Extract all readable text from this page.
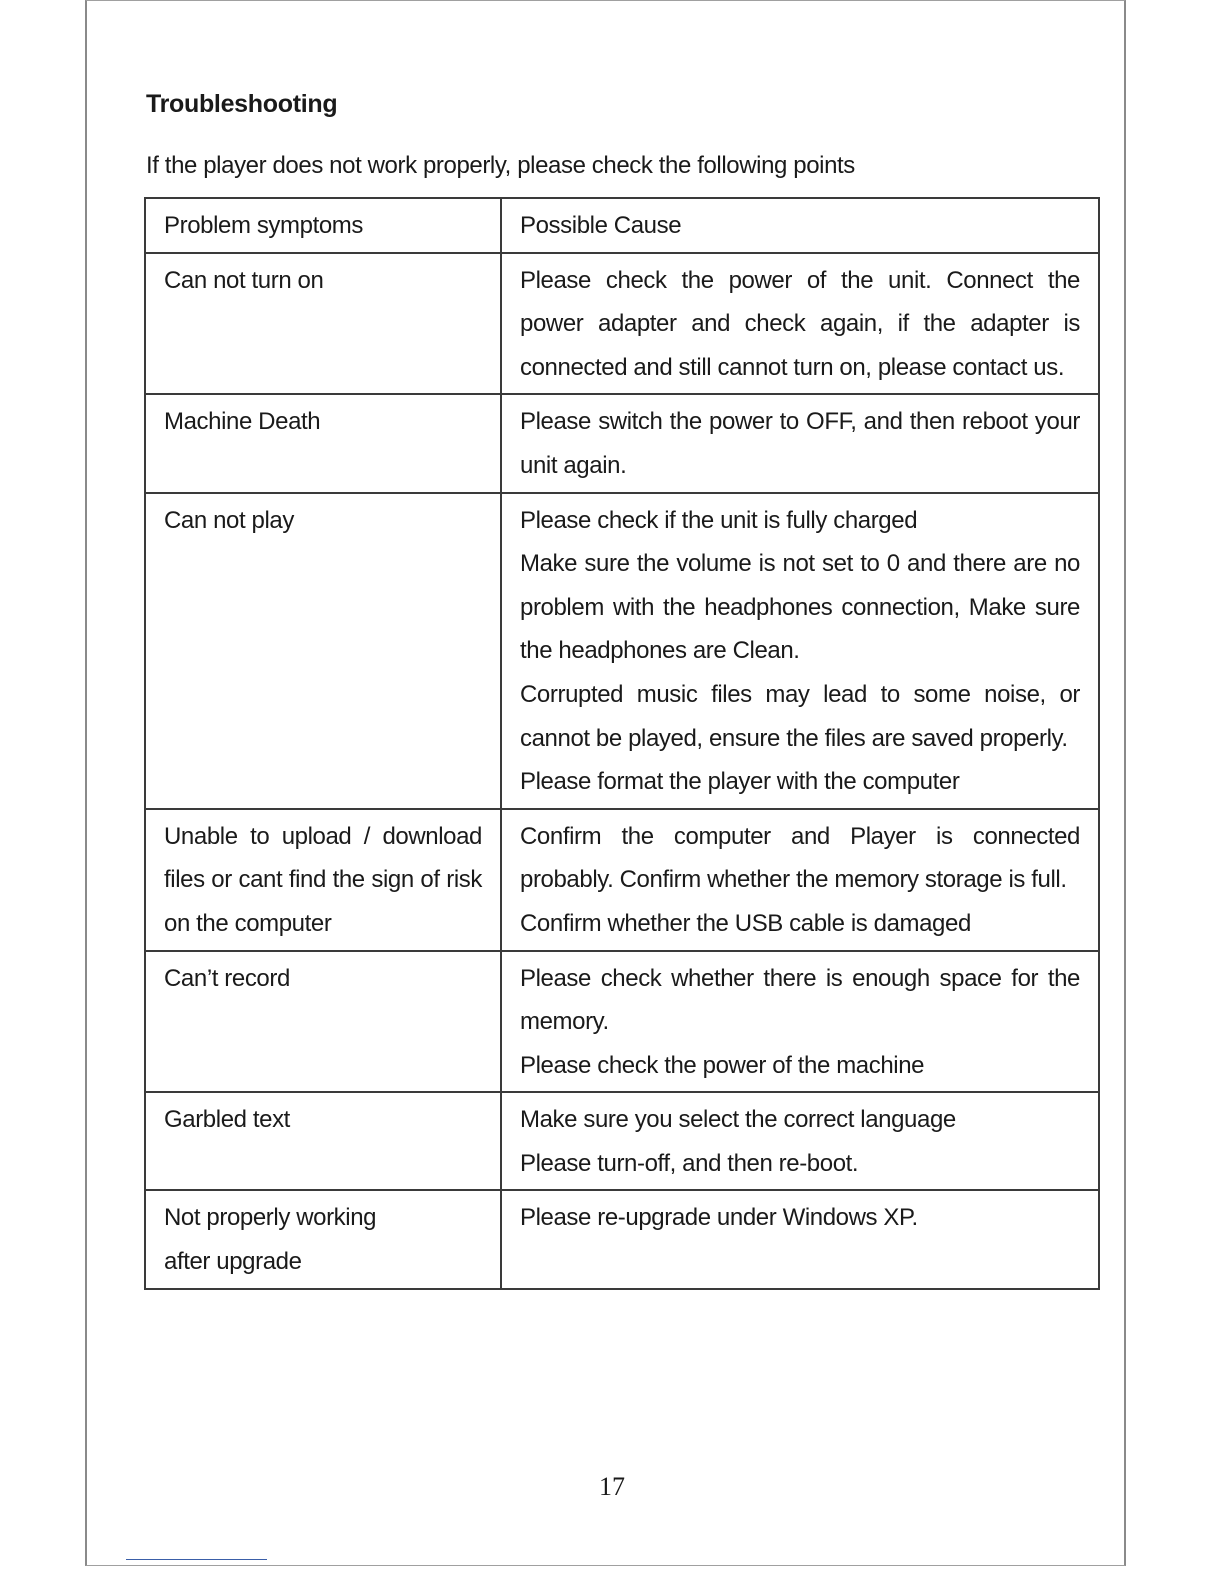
Troubleshooting
If the player does not work properly, please check the following points
Problem symptoms	Possible Cause
Can not turn on	Please check the power of the unit. Connect the power adapter and check again, if the adapter is connected and still cannot turn on, please contact us.

Machine Death	Please switch the power to OFF, and then reboot your unit again.

Can not play	Please check if the unit is fully charged
Make sure the volume is not set to 0 and there are no problem with the headphones connection, Make sure the headphones are Clean.
Corrupted music files may lead to some noise, or cannot be played, ensure the files are saved properly.
Please format the player with the computer

Unable to upload / download files or cant find the sign of risk on the computer	Confirm the computer and Player is connected probably. Confirm whether the memory storage is full.
Confirm whether the USB cable is damaged

Can’t record	Please check whether there is enough space for the memory.
Please check the power of the machine

Garbled text	Make sure you select the correct language
Please turn-off, and then re-boot.

Not properly working
after upgrade	Please re-upgrade under Windows XP.
17
